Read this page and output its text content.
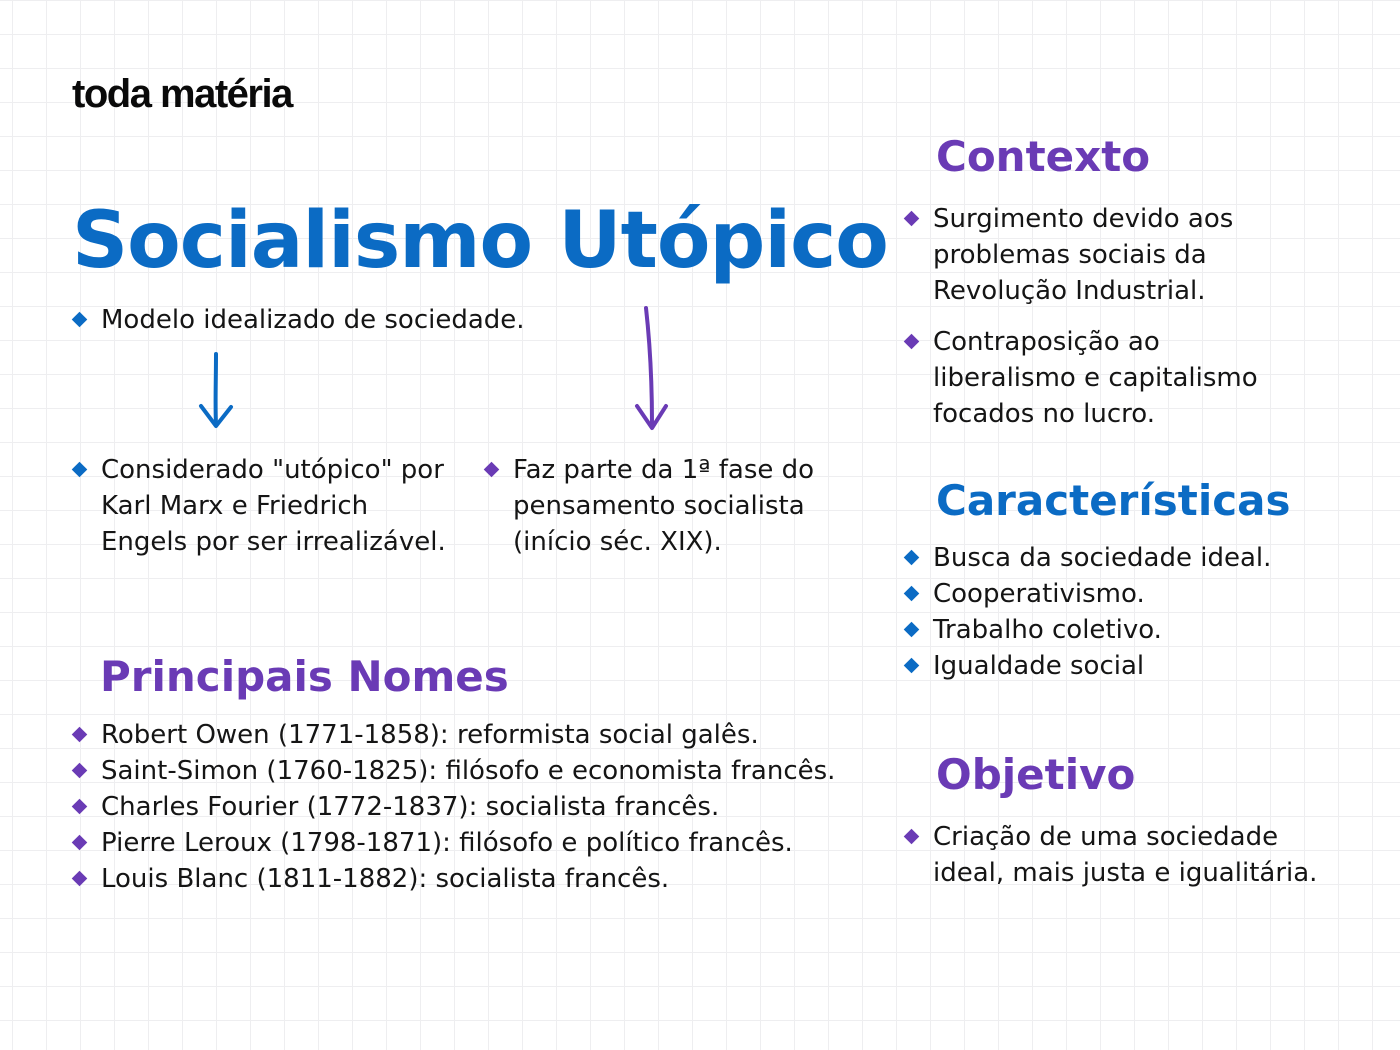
toda matéria
Socialismo Utópico
Modelo idealizado de sociedade.
Considerado "utópico" por Karl Marx e Friedrich Engels por ser irrealizável.
Faz parte da 1ª fase do pensamento socialista (início séc. XIX).
Principais Nomes
Robert Owen (1771-1858): reformista social galês.
Saint-Simon (1760-1825): filósofo e economista francês.
Charles Fourier (1772-1837): socialista francês.
Pierre Leroux (1798-1871): filósofo e político francês.
Louis Blanc (1811-1882): socialista francês.
Contexto
Surgimento devido aos problemas sociais da Revolução Industrial.
Contraposição ao liberalismo e capitalismo focados no lucro.
Características
Busca da sociedade ideal.
Cooperativismo.
Trabalho coletivo.
Igualdade social
Objetivo
Criação de uma sociedade ideal, mais justa e igualitária.
